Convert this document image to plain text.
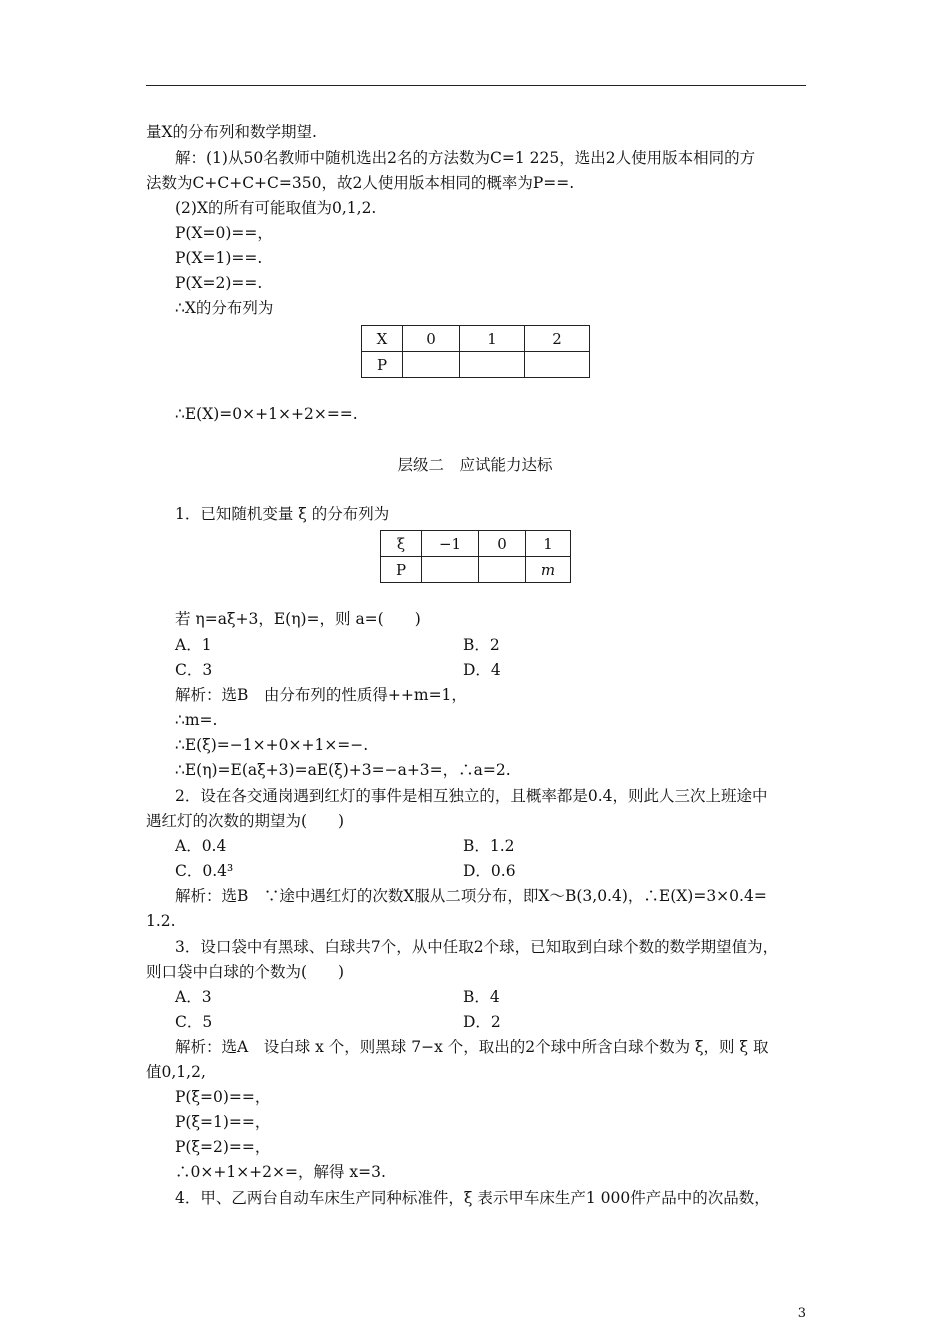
量X的分布列和数学期望.
解：(1)从50名教师中随机选出2名的方法数为C=1 225，选出2人使用版本相同的方
法数为C+C+C+C=350，故2人使用版本相同的概率为P==.
(2)X的所有可能取值为0,1,2.
P(X=0)==，
P(X=1)==.
P(X=2)==.
∴X的分布列为
X	0	1	2
P			
∴E(X)=0×+1×+2×==.
层级二　应试能力达标
1．已知随机变量 ξ 的分布列为
ξ	−1	0	1
P			m
若 η=aξ+3，E(η)=，则 a=(　　)
A．1	B．2
C．3	D．4
解析：选B　由分布列的性质得++m=1，
∴m=.
∴E(ξ)=−1×+0×+1×=−.
∴E(η)=E(aξ+3)=aE(ξ)+3=−a+3=，∴a=2.
2．设在各交通岗遇到红灯的事件是相互独立的，且概率都是0.4，则此人三次上班途中
遇红灯的次数的期望为(　　)
A．0.4	B．1.2
C．0.4³	D．0.6
解析：选B　∵途中遇红灯的次数X服从二项分布，即X～B(3,0.4)，∴E(X)=3×0.4=
1.2.
3．设口袋中有黑球、白球共7个，从中任取2个球，已知取到白球个数的数学期望值为，
则口袋中白球的个数为(　　)
A．3	B．4
C．5	D．2
解析：选A　设白球 x 个，则黑球 7−x 个，取出的2个球中所含白球个数为 ξ，则 ξ 取
值0,1,2,
P(ξ=0)==，
P(ξ=1)==，
P(ξ=2)==，
∴0×+1×+2×=，解得 x=3.
4．甲、乙两台自动车床生产同种标准件，ξ 表示甲车床生产1 000件产品中的次品数，
3
